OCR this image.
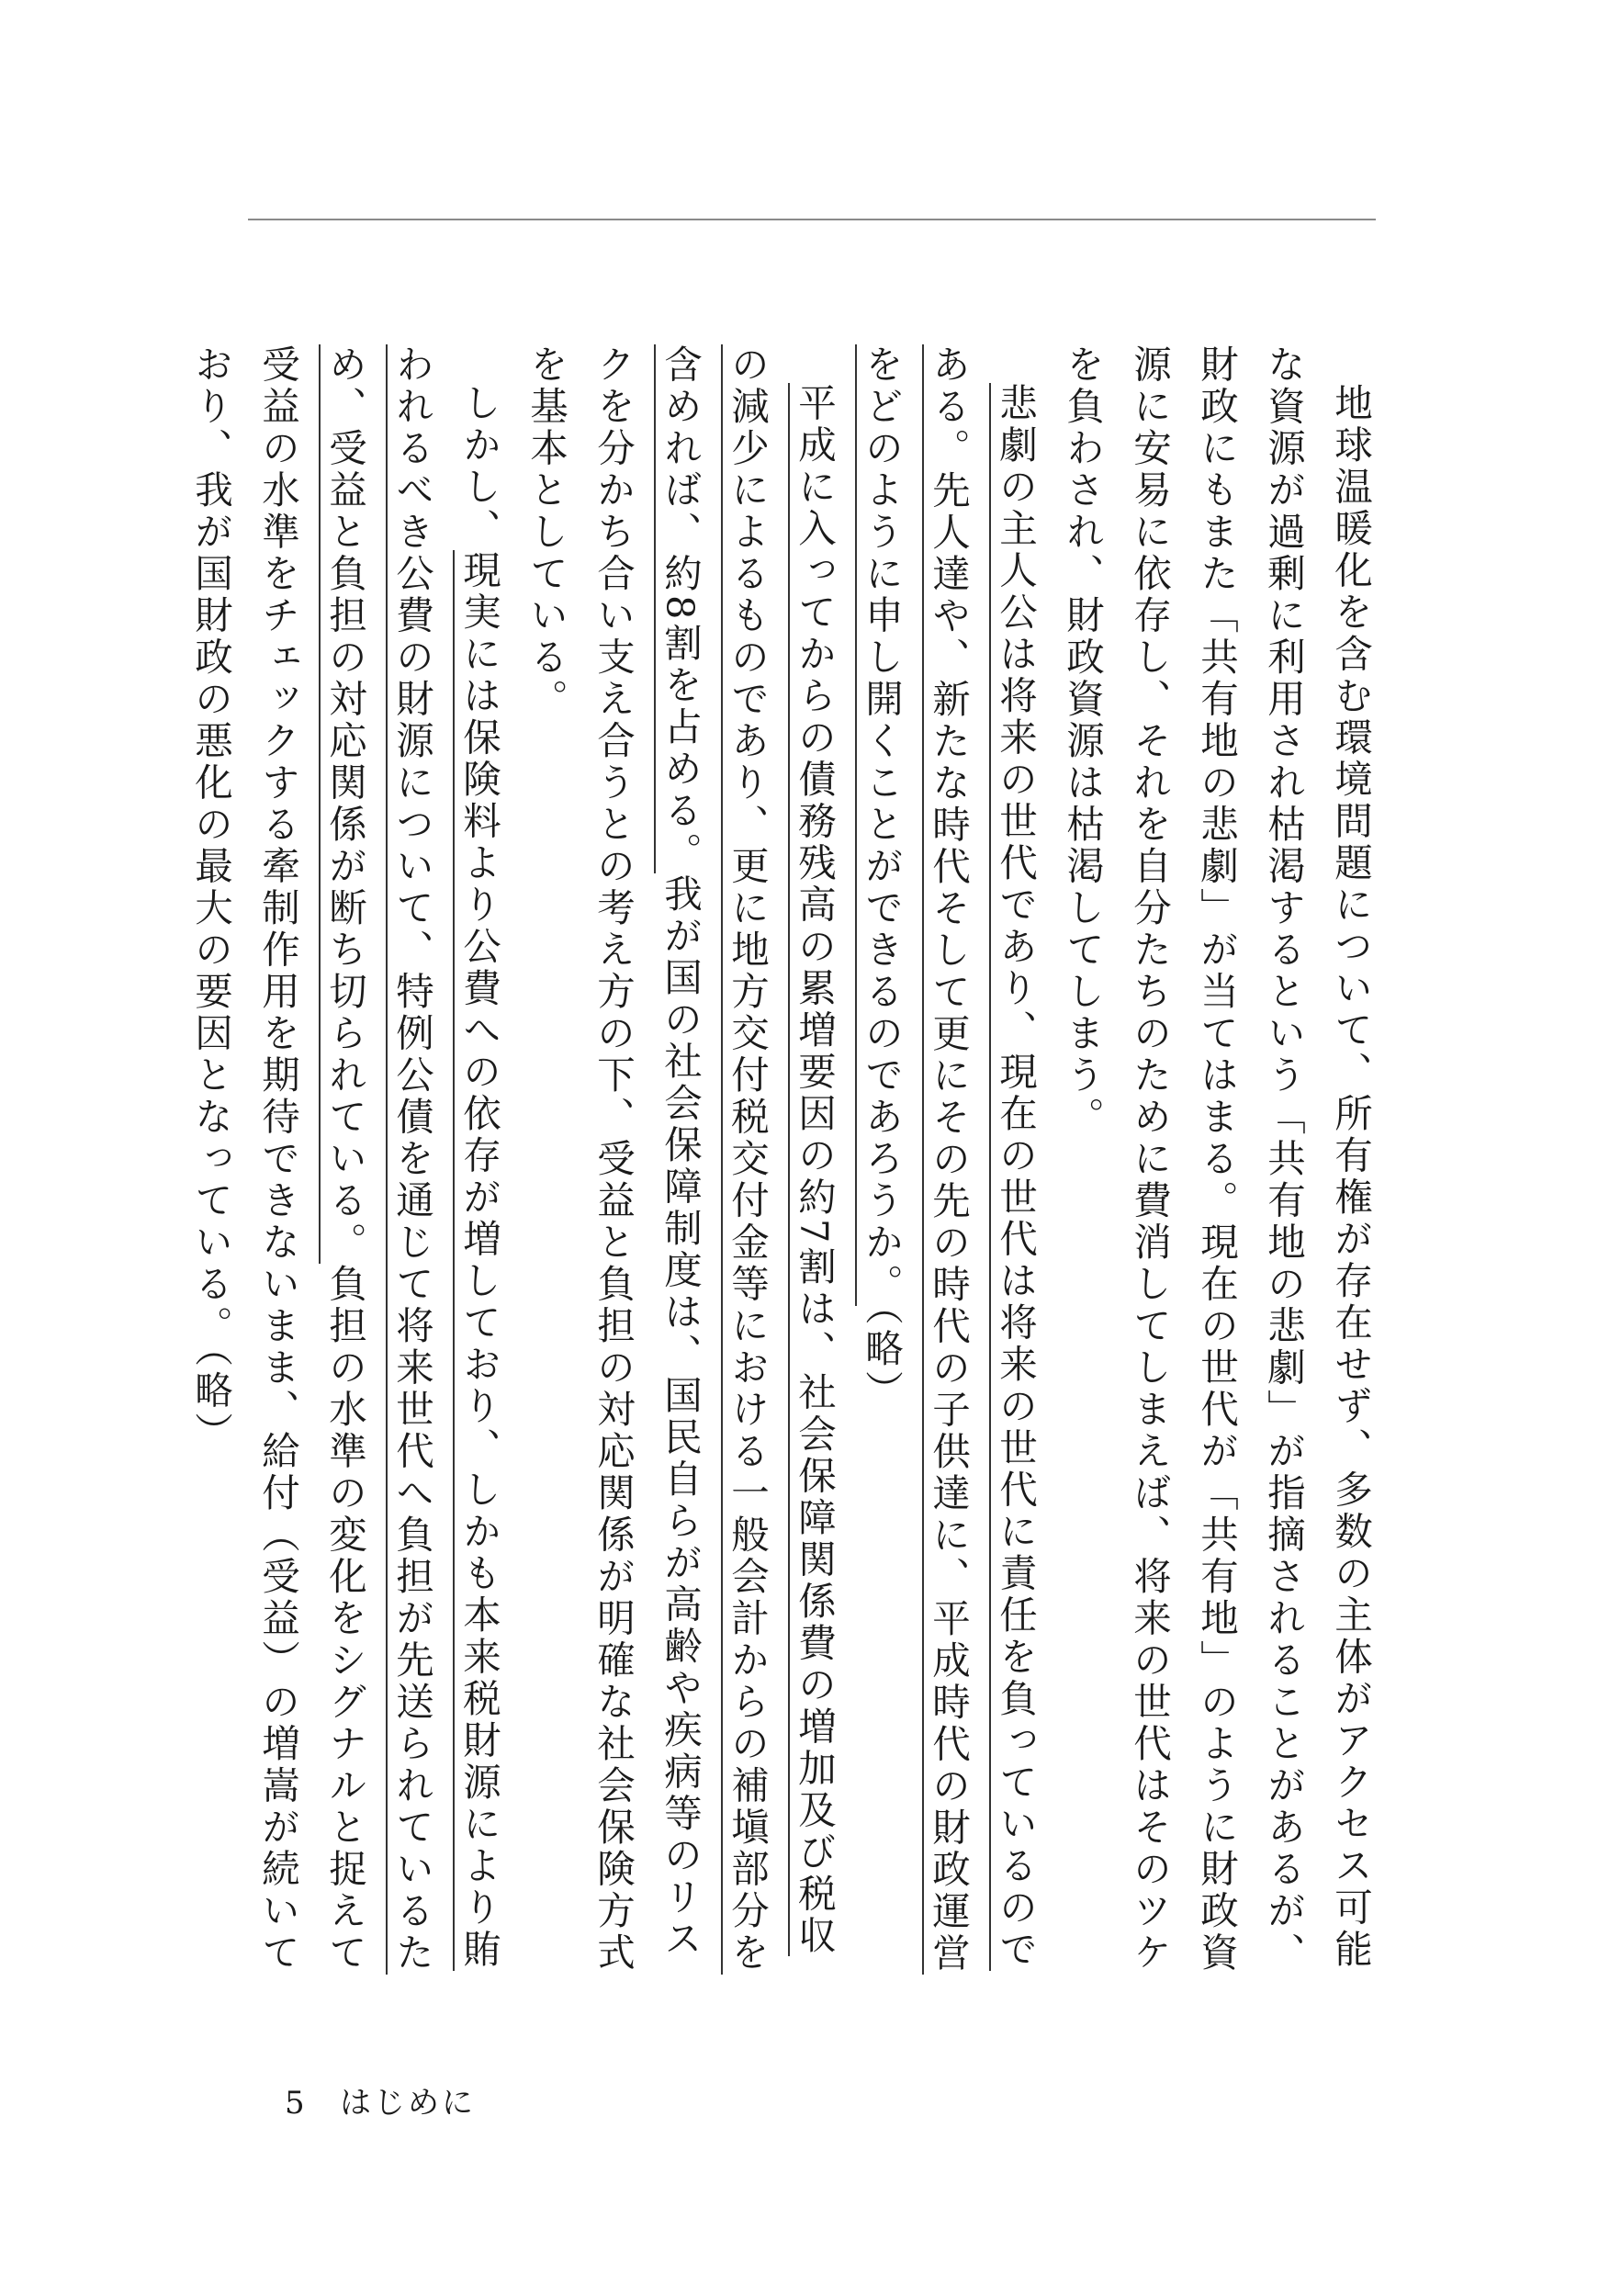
地球温暖化を含む環境問題について、所有権が存在せず、多数の主体がアクセス可能な資源が過剰に利用され枯渇するという「共有地の悲劇」が指摘されることがあるが、財政にもまた「共有地の悲劇」が当てはまる。現在の世代が「共有地」のように財政資源に安易に依存し、それを自分たちのために費消してしまえば、将来の世代はそのツケを負わされ、財政資源は枯渇してしまう。

悲劇の主人公は将来の世代であり、現在の世代は将来の世代に責任を負っているのである。先人達や、新たな時代そして更にその先の時代の子供達に、平成時代の財政運営をどのように申し開くことができるのであろうか。（略）

平成に入ってからの債務残高の累増要因の約7割は、社会保障関係費の増加及び税収の減少によるものであり、更に地方交付税交付金等における一般会計からの補塡部分を含めれば、約8割を占める。我が国の社会保障制度は、国民自らが高齢や疾病等のリスクを分かち合い支え合うとの考え方の下、受益と負担の対応関係が明確な社会保険方式を基本としている。

しかし、現実には保険料より公費への依存が増しており、しかも本来税財源により賄われるべき公費の財源について、特例公債を通じて将来世代へ負担が先送られているため、受益と負担の対応関係が断ち切られている。負担の水準の変化をシグナルと捉えて受益の水準をチェックする牽制作用を期待できないまま、給付（受益）の増嵩が続いており、我が国財政の悪化の最大の要因となっている。（略）

5 はじめに
